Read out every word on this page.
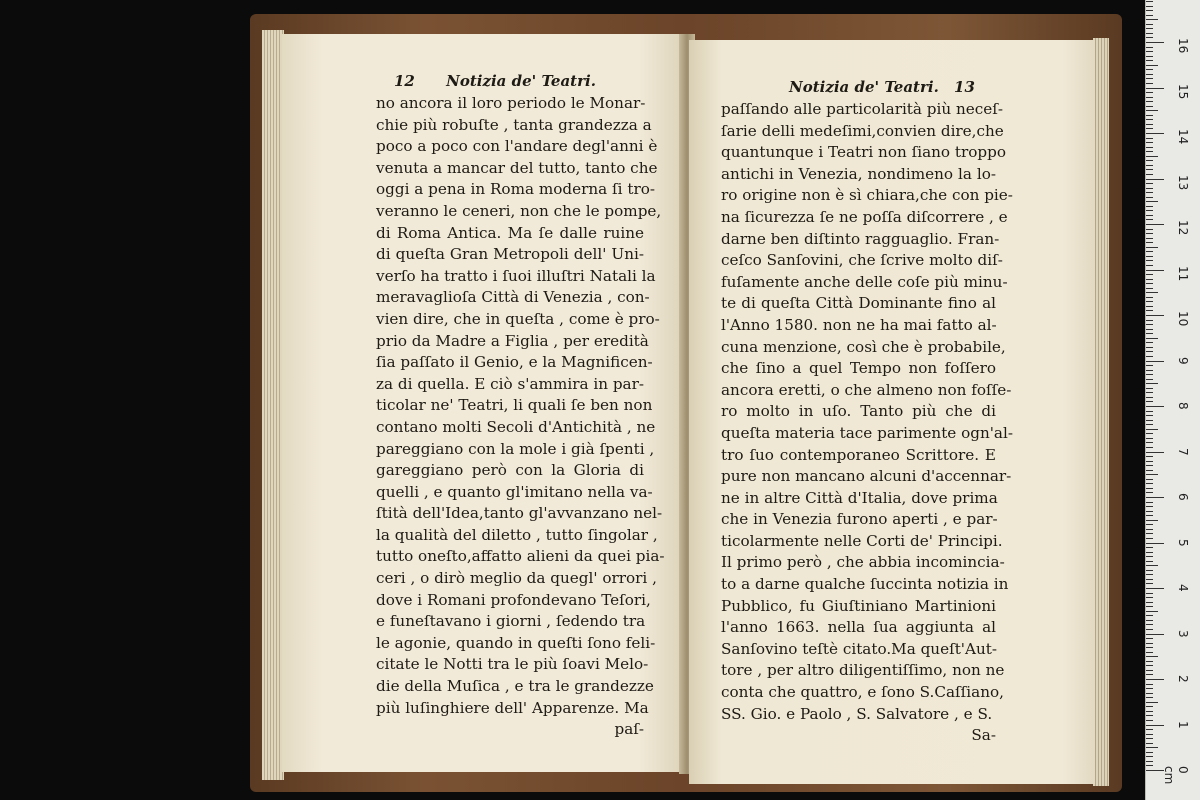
12 Notizia de' Teatri.
no ancora il loro periodo le Monar-
chie più robuſte , tanta grandezza a
poco a poco con l'andare degl'anni è
venuta a mancar del tutto, tanto che
oggi a pena in Roma moderna ſi tro-
veranno le ceneri, non che le pompe,
di Roma Antica. Ma ſe dalle ruine
di queſta Gran Metropoli dell' Uni-
verſo ha tratto i ſuoi illuſtri Natali la
meravaglioſa Città di Venezia , con-
vien dire, che in queſta , come è pro-
prio da Madre a Figlia , per eredità
ſia paſſato il Genio, e la Magnificen-
za di quella. E ciò s'ammira in par-
ticolar ne' Teatri, li quali ſe ben non
contano molti Secoli d'Antichità , ne
pareggiano con la mole i già ſpenti ,
gareggiano però con la Gloria di
quelli , e quanto gl'imitano nella va-
ſtità dell'Idea,tanto gl'avvanzano nel-
la qualità del diletto , tutto ſingolar ,
tutto oneſto,affatto alieni da quei pia-
ceri , o dirò meglio da quegl' orrori ,
dove i Romani profondevano Teſori,
e funeſtavano i giorni , ſedendo tra
le agonie, quando in queſti ſono feli-
citate le Notti tra le più ſoavi Melo-
die della Muſica , e tra le grandezze
più luſinghiere dell' Apparenze. Ma
paſ-
Notizia de' Teatri. 13
paſſando alle particolarità più neceſ-
ſarie delli medeſimi,convien dire,che
quantunque i Teatri non ſiano troppo
antichi in Venezia, nondimeno la lo-
ro origine non è sì chiara,che con pie-
na ſicurezza ſe ne poſſa diſcorrere , e
darne ben diſtinto ragguaglio. Fran-
ceſco Sanſovini, che ſcrive molto diſ-
fuſamente anche delle coſe più minu-
te di queſta Città Dominante fino al
l'Anno 1580. non ne ha mai fatto al-
cuna menzione, così che è probabile,
che ſino a quel Tempo non foſſero
ancora eretti, o che almeno non foſſe-
ro molto in uſo. Tanto più che di
queſta materia tace parimente ogn'al-
tro ſuo contemporaneo Scrittore. E
pure non mancano alcuni d'accennar-
ne in altre Città d'Italia, dove prima
che in Venezia furono aperti , e par-
ticolarmente nelle Corti de' Principi.
Il primo però , che abbia incomincia-
to a darne qualche ſuccinta notizia in
Pubblico, fu Giuſtiniano Martinioni
l'anno 1663. nella ſua aggiunta al
Sanſovino teſtè citato.Ma queſt'Aut-
tore , per altro diligentiſſimo, non ne
conta che quattro, e ſono S.Caſſiano,
SS. Gio. e Paolo , S. Salvatore , e S.
Sa-
0 cm
1
2
3
4
5
6
7
8
9
10
11
12
13
14
15
16
